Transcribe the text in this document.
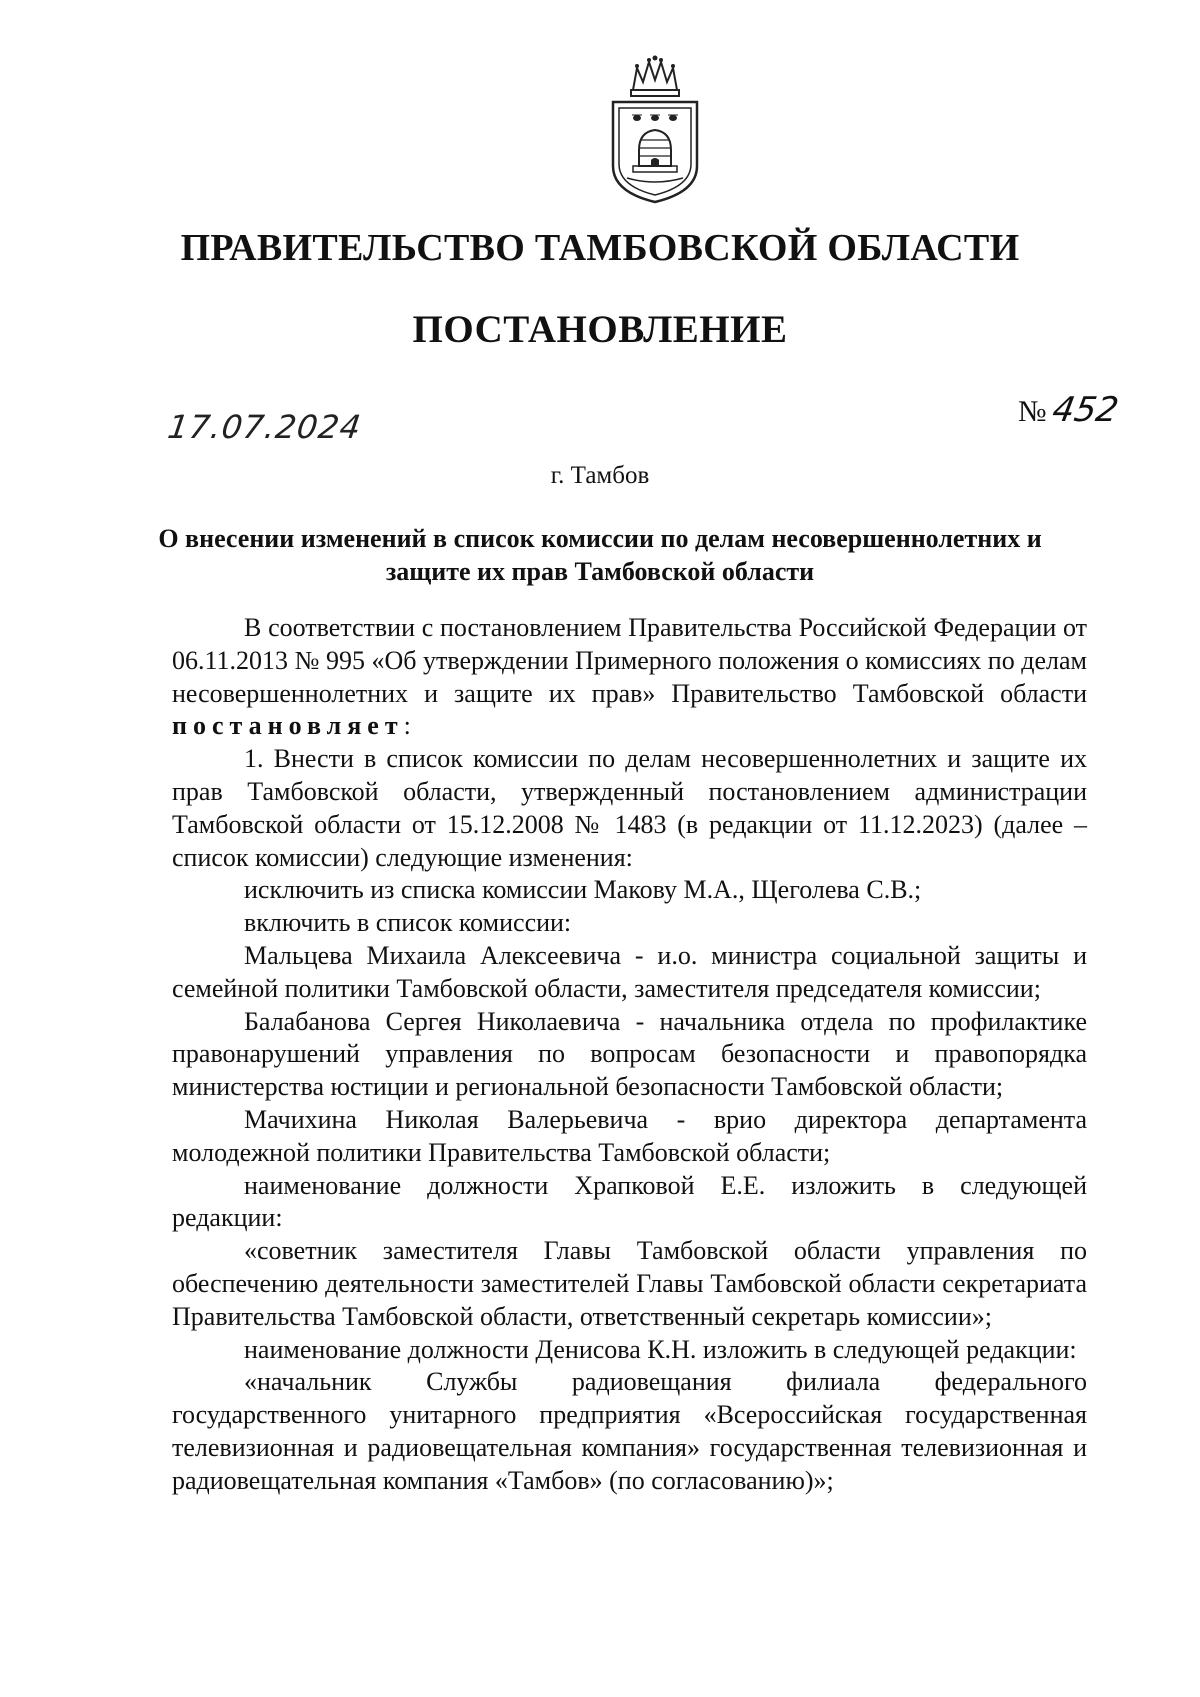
ПРАВИТЕЛЬСТВО ТАМБОВСКОЙ ОБЛАСТИ
ПОСТАНОВЛЕНИЕ
17.07.2024	№452
г. Тамбов
О внесении изменений в список комиссии по делам несовершеннолетних и
защите их прав Тамбовской области

В соответствии с постановлением Правительства Российской Федерации от 06.11.2013 № 995 «Об утверждении Примерного положения о комиссиях по делам несовершеннолетних и защите их прав» Правительство Тамбовской области постановляет:

1. Внести в список комиссии по делам несовершеннолетних и защите их прав Тамбовской области, утвержденный постановлением администрации Тамбовской области от 15.12.2008 № 1483 (в редакции от 11.12.2023) (далее – список комиссии) следующие изменения:

исключить из списка комиссии Макову М.А., Щеголева С.В.;

включить в список комиссии:

Мальцева Михаила Алексеевича - и.о. министра социальной защиты и семейной политики Тамбовской области, заместителя председателя комиссии;

Балабанова Сергея Николаевича - начальника отдела по профилактике правонарушений управления по вопросам безопасности и правопорядка министерства юстиции и региональной безопасности Тамбовской области;

Мачихина Николая Валерьевича - врио директора департамента молодежной политики Правительства Тамбовской области;

наименование должности Храпковой Е.Е. изложить в следующей редакции:

«советник заместителя Главы Тамбовской области управления по обеспечению деятельности заместителей Главы Тамбовской области секретариата Правительства Тамбовской области, ответственный секретарь комиссии»;

наименование должности Денисова К.Н. изложить в следующей редакции:

«начальник Службы радиовещания филиала федерального государственного унитарного предприятия «Всероссийская государственная телевизионная и радиовещательная компания» государственная телевизионная и радиовещательная компания «Тамбов» (по согласованию)»;
